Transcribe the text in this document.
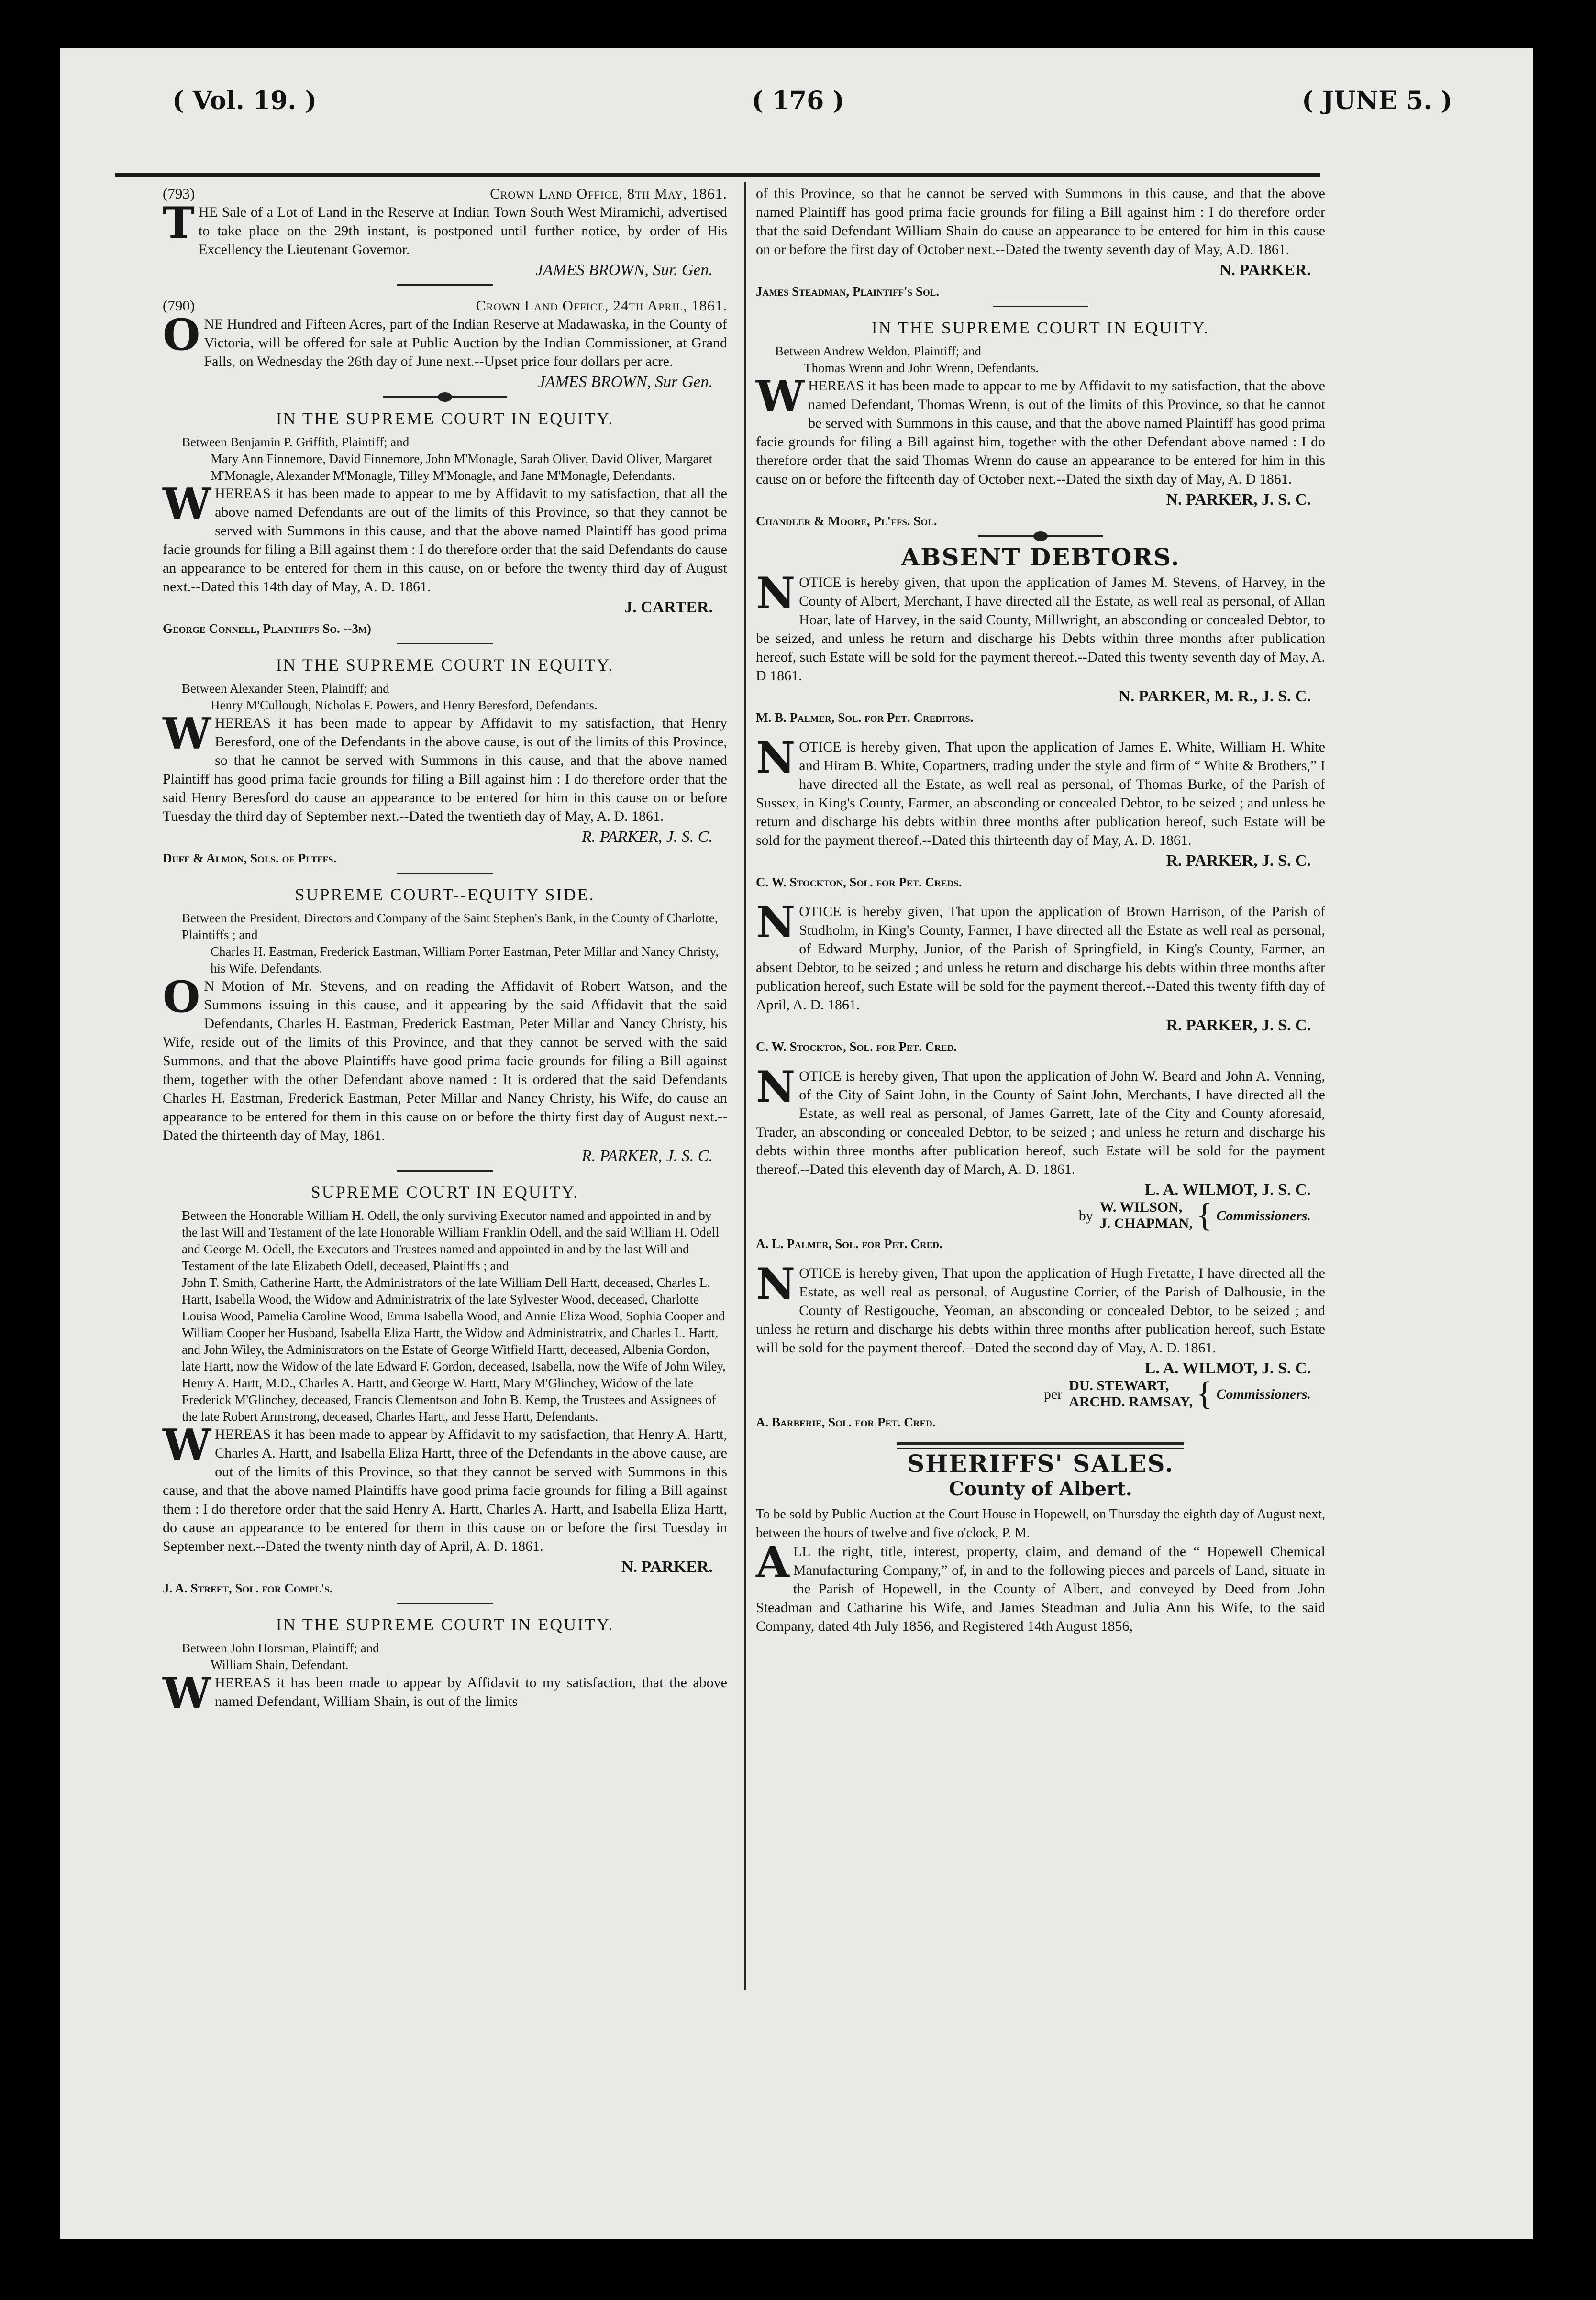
( Vol. 19. )	( 176 )	( JUNE 5. )
(793)	Crown Land Office, 8th May, 1861.
THE Sale of a Lot of Land in the Reserve at Indian Town South West Miramichi, advertised to take place on the 29th instant, is postponed until further notice, by order of His Excellency the Lieutenant Governor.
JAMES BROWN, Sur. Gen.
(790)	Crown Land Office, 24th April, 1861.
ONE Hundred and Fifteen Acres, part of the Indian Reserve at Madawaska, in the County of Victoria, will be offered for sale at Public Auction by the Indian Commissioner, at Grand Falls, on Wednesday the 26th day of June next.--Upset price four dollars per acre.
JAMES BROWN, Sur Gen.
IN THE SUPREME COURT IN EQUITY.
Between Benjamin P. Griffith, Plaintiff; and
Mary Ann Finnemore, David Finnemore, John M'Monagle, Sarah Oliver, David Oliver, Margaret M'Monagle, Alexander M'Monagle, Tilley M'Monagle, and Jane M'Monagle, Defendants.
WHEREAS it has been made to appear to me by Affidavit to my satisfaction, that all the above named Defendants are out of the limits of this Province, so that they cannot be served with Summons in this cause, and that the above named Plaintiff has good prima facie grounds for filing a Bill against them : I do therefore order that the said Defendants do cause an appearance to be entered for them in this cause, on or before the twenty third day of August next.--Dated this 14th day of May, A. D. 1861.
J. CARTER.
George Connell, Plaintiffs So. --3m)
IN THE SUPREME COURT IN EQUITY.
Between Alexander Steen, Plaintiff; and
Henry M'Cullough, Nicholas F. Powers, and Henry Beresford, Defendants.
WHEREAS it has been made to appear by Affidavit to my satisfaction, that Henry Beresford, one of the Defendants in the above cause, is out of the limits of this Province, so that he cannot be served with Summons in this cause, and that the above named Plaintiff has good prima facie grounds for filing a Bill against him : I do therefore order that the said Henry Beresford do cause an appearance to be entered for him in this cause on or before Tuesday the third day of September next.--Dated the twentieth day of May, A. D. 1861.
R. PARKER, J. S. C.
Duff & Almon, Sols. of Pltffs.
SUPREME COURT--EQUITY SIDE.
Between the President, Directors and Company of the Saint Stephen's Bank, in the County of Charlotte, Plaintiffs ; and
Charles H. Eastman, Frederick Eastman, William Porter Eastman, Peter Millar and Nancy Christy, his Wife, Defendants.
O N Motion of Mr. Stevens, and on reading the Affidavit of Robert Watson, and the Summons issuing in this cause, and it appearing by the said Affidavit that the said Defendants, Charles H. Eastman, Frederick Eastman, Peter Millar and Nancy Christy, his Wife, reside out of the limits of this Province, and that they cannot be served with the said Summons, and that the above Plaintiffs have good prima facie grounds for filing a Bill against them, together with the other Defendant above named : It is ordered that the said Defendants Charles H. Eastman, Frederick Eastman, Peter Millar and Nancy Christy, his Wife, do cause an appearance to be entered for them in this cause on or before the thirty first day of August next.--Dated the thirteenth day of May, 1861.
R. PARKER, J. S. C.
SUPREME COURT IN EQUITY.
Between the Honorable William H. Odell, the only surviving Executor named and appointed in and by the last Will and Testament of the late Honorable William Franklin Odell, and the said William H. Odell and George M. Odell, the Executors and Trustees named and appointed in and by the last Will and Testament of the late Elizabeth Odell, deceased, Plaintiffs ; and
John T. Smith, Catherine Hartt, the Administrators of the late William Dell Hartt, deceased, Charles L. Hartt, Isabella Wood, the Widow and Administratrix of the late Sylvester Wood, deceased, Charlotte Louisa Wood, Pamelia Caroline Wood, Emma Isabella Wood, and Annie Eliza Wood, Sophia Cooper and William Cooper her Husband, Isabella Eliza Hartt, the Widow and Administratrix, and Charles L. Hartt, and John Wiley, the Administrators on the Estate of George Witfield Hartt, deceased, Albenia Gordon, late Hartt, now the Widow of the late Edward F. Gordon, deceased, Isabella, now the Wife of John Wiley, Henry A. Hartt, M.D., Charles A. Hartt, and George W. Hartt, Mary M'Glinchey, Widow of the late Frederick M'Glinchey, deceased, Francis Clementson and John B. Kemp, the Trustees and Assignees of the late Robert Armstrong, deceased, Charles Hartt, and Jesse Hartt, Defendants.
WHEREAS it has been made to appear by Affidavit to my satisfaction, that Henry A. Hartt, Charles A. Hartt, and Isabella Eliza Hartt, three of the Defendants in the above cause, are out of the limits of this Province, so that they cannot be served with Summons in this cause, and that the above named Plaintiffs have good prima facie grounds for filing a Bill against them : I do therefore order that the said Henry A. Hartt, Charles A. Hartt, and Isabella Eliza Hartt, do cause an appearance to be entered for them in this cause on or before the first Tuesday in September next.--Dated the twenty ninth day of April, A. D. 1861.
N. PARKER.
J. A. Street, Sol. for Compl's.
IN THE SUPREME COURT IN EQUITY.
Between John Horsman, Plaintiff; and
William Shain, Defendant.
WHEREAS it has been made to appear by Affidavit to my satisfaction, that the above named Defendant, William Shain, is out of the limits
of this Province, so that he cannot be served with Summons in this cause, and that the above named Plaintiff has good prima facie grounds for filing a Bill against him : I do therefore order that the said Defendant William Shain do cause an appearance to be entered for him in this cause on or before the first day of October next.--Dated the twenty seventh day of May, A.D. 1861.
N. PARKER.
James Steadman, Plaintiff's Sol.
IN THE SUPREME COURT IN EQUITY.
Between Andrew Weldon, Plaintiff; and
Thomas Wrenn and John Wrenn, Defendants.
WHEREAS it has been made to appear to me by Affidavit to my satisfaction, that the above named Defendant, Thomas Wrenn, is out of the limits of this Province, so that he cannot be served with Summons in this cause, and that the above named Plaintiff has good prima facie grounds for filing a Bill against him, together with the other Defendant above named : I do therefore order that the said Thomas Wrenn do cause an appearance to be entered for him in this cause on or before the fifteenth day of October next.--Dated the sixth day of May, A. D 1861.
N. PARKER, J. S. C.
Chandler & Moore, Pl'ffs. Sol.
ABSENT DEBTORS.
NOTICE is hereby given, that upon the application of James M. Stevens, of Harvey, in the County of Albert, Merchant, I have directed all the Estate, as well real as personal, of Allan Hoar, late of Harvey, in the said County, Millwright, an absconding or concealed Debtor, to be seized, and unless he return and discharge his Debts within three months after publication hereof, such Estate will be sold for the payment thereof.--Dated this twenty seventh day of May, A. D 1861.
N. PARKER, M. R., J. S. C.
M. B. Palmer, Sol. for Pet. Creditors.
NOTICE is hereby given, That upon the application of James E. White, William H. White and Hiram B. White, Copartners, trading under the style and firm of “ White & Brothers,” I have directed all the Estate, as well real as personal, of Thomas Burke, of the Parish of Sussex, in King's County, Farmer, an absconding or concealed Debtor, to be seized ; and unless he return and discharge his debts within three months after publication hereof, such Estate will be sold for the payment thereof.--Dated this thirteenth day of May, A. D. 1861.
R. PARKER, J. S. C.
C. W. Stockton, Sol. for Pet. Creds.
NOTICE is hereby given, That upon the application of Brown Harrison, of the Parish of Studholm, in King's County, Farmer, I have directed all the Estate as well real as personal, of Edward Murphy, Junior, of the Parish of Springfield, in King's County, Farmer, an absent Debtor, to be seized ; and unless he return and discharge his debts within three months after publication hereof, such Estate will be sold for the payment thereof.--Dated this twenty fifth day of April, A. D. 1861.
R. PARKER, J. S. C.
C. W. Stockton, Sol. for Pet. Cred.
NOTICE is hereby given, That upon the application of John W. Beard and John A. Venning, of the City of Saint John, in the County of Saint John, Merchants, I have directed all the Estate, as well real as personal, of James Garrett, late of the City and County aforesaid, Trader, an absconding or concealed Debtor, to be seized ; and unless he return and discharge his debts within three months after publication hereof, such Estate will be sold for the payment thereof.--Dated this eleventh day of March, A. D. 1861.
L. A. WILMOT, J. S. C.
by
W. WILSON,
J. CHAPMAN, { Commissioners.
A. L. Palmer, Sol. for Pet. Cred.
NOTICE is hereby given, That upon the application of Hugh Fretatte, I have directed all the Estate, as well real as personal, of Augustine Corrier, of the Parish of Dalhousie, in the County of Restigouche, Yeoman, an absconding or concealed Debtor, to be seized ; and unless he return and discharge his debts within three months after publication hereof, such Estate will be sold for the payment thereof.--Dated the second day of May, A. D. 1861.
L. A. WILMOT, J. S. C.
per
DU. STEWART,
ARCHD. RAMSAY, { Commissioners.
A. Barberie, Sol. for Pet. Cred.
SHERIFFS' SALES.
County of Albert.
To be sold by Public Auction at the Court House in Hopewell, on Thursday the eighth day of August next, between the hours of twelve and five o'clock, P. M.
ALL the right, title, interest, property, claim, and demand of the “ Hopewell Chemical Manufacturing Company,” of, in and to the following pieces and parcels of Land, situate in the Parish of Hopewell, in the County of Albert, and conveyed by Deed from John Steadman and Catharine his Wife, and James Steadman and Julia Ann his Wife, to the said Company, dated 4th July 1856, and Registered 14th August 1856,
